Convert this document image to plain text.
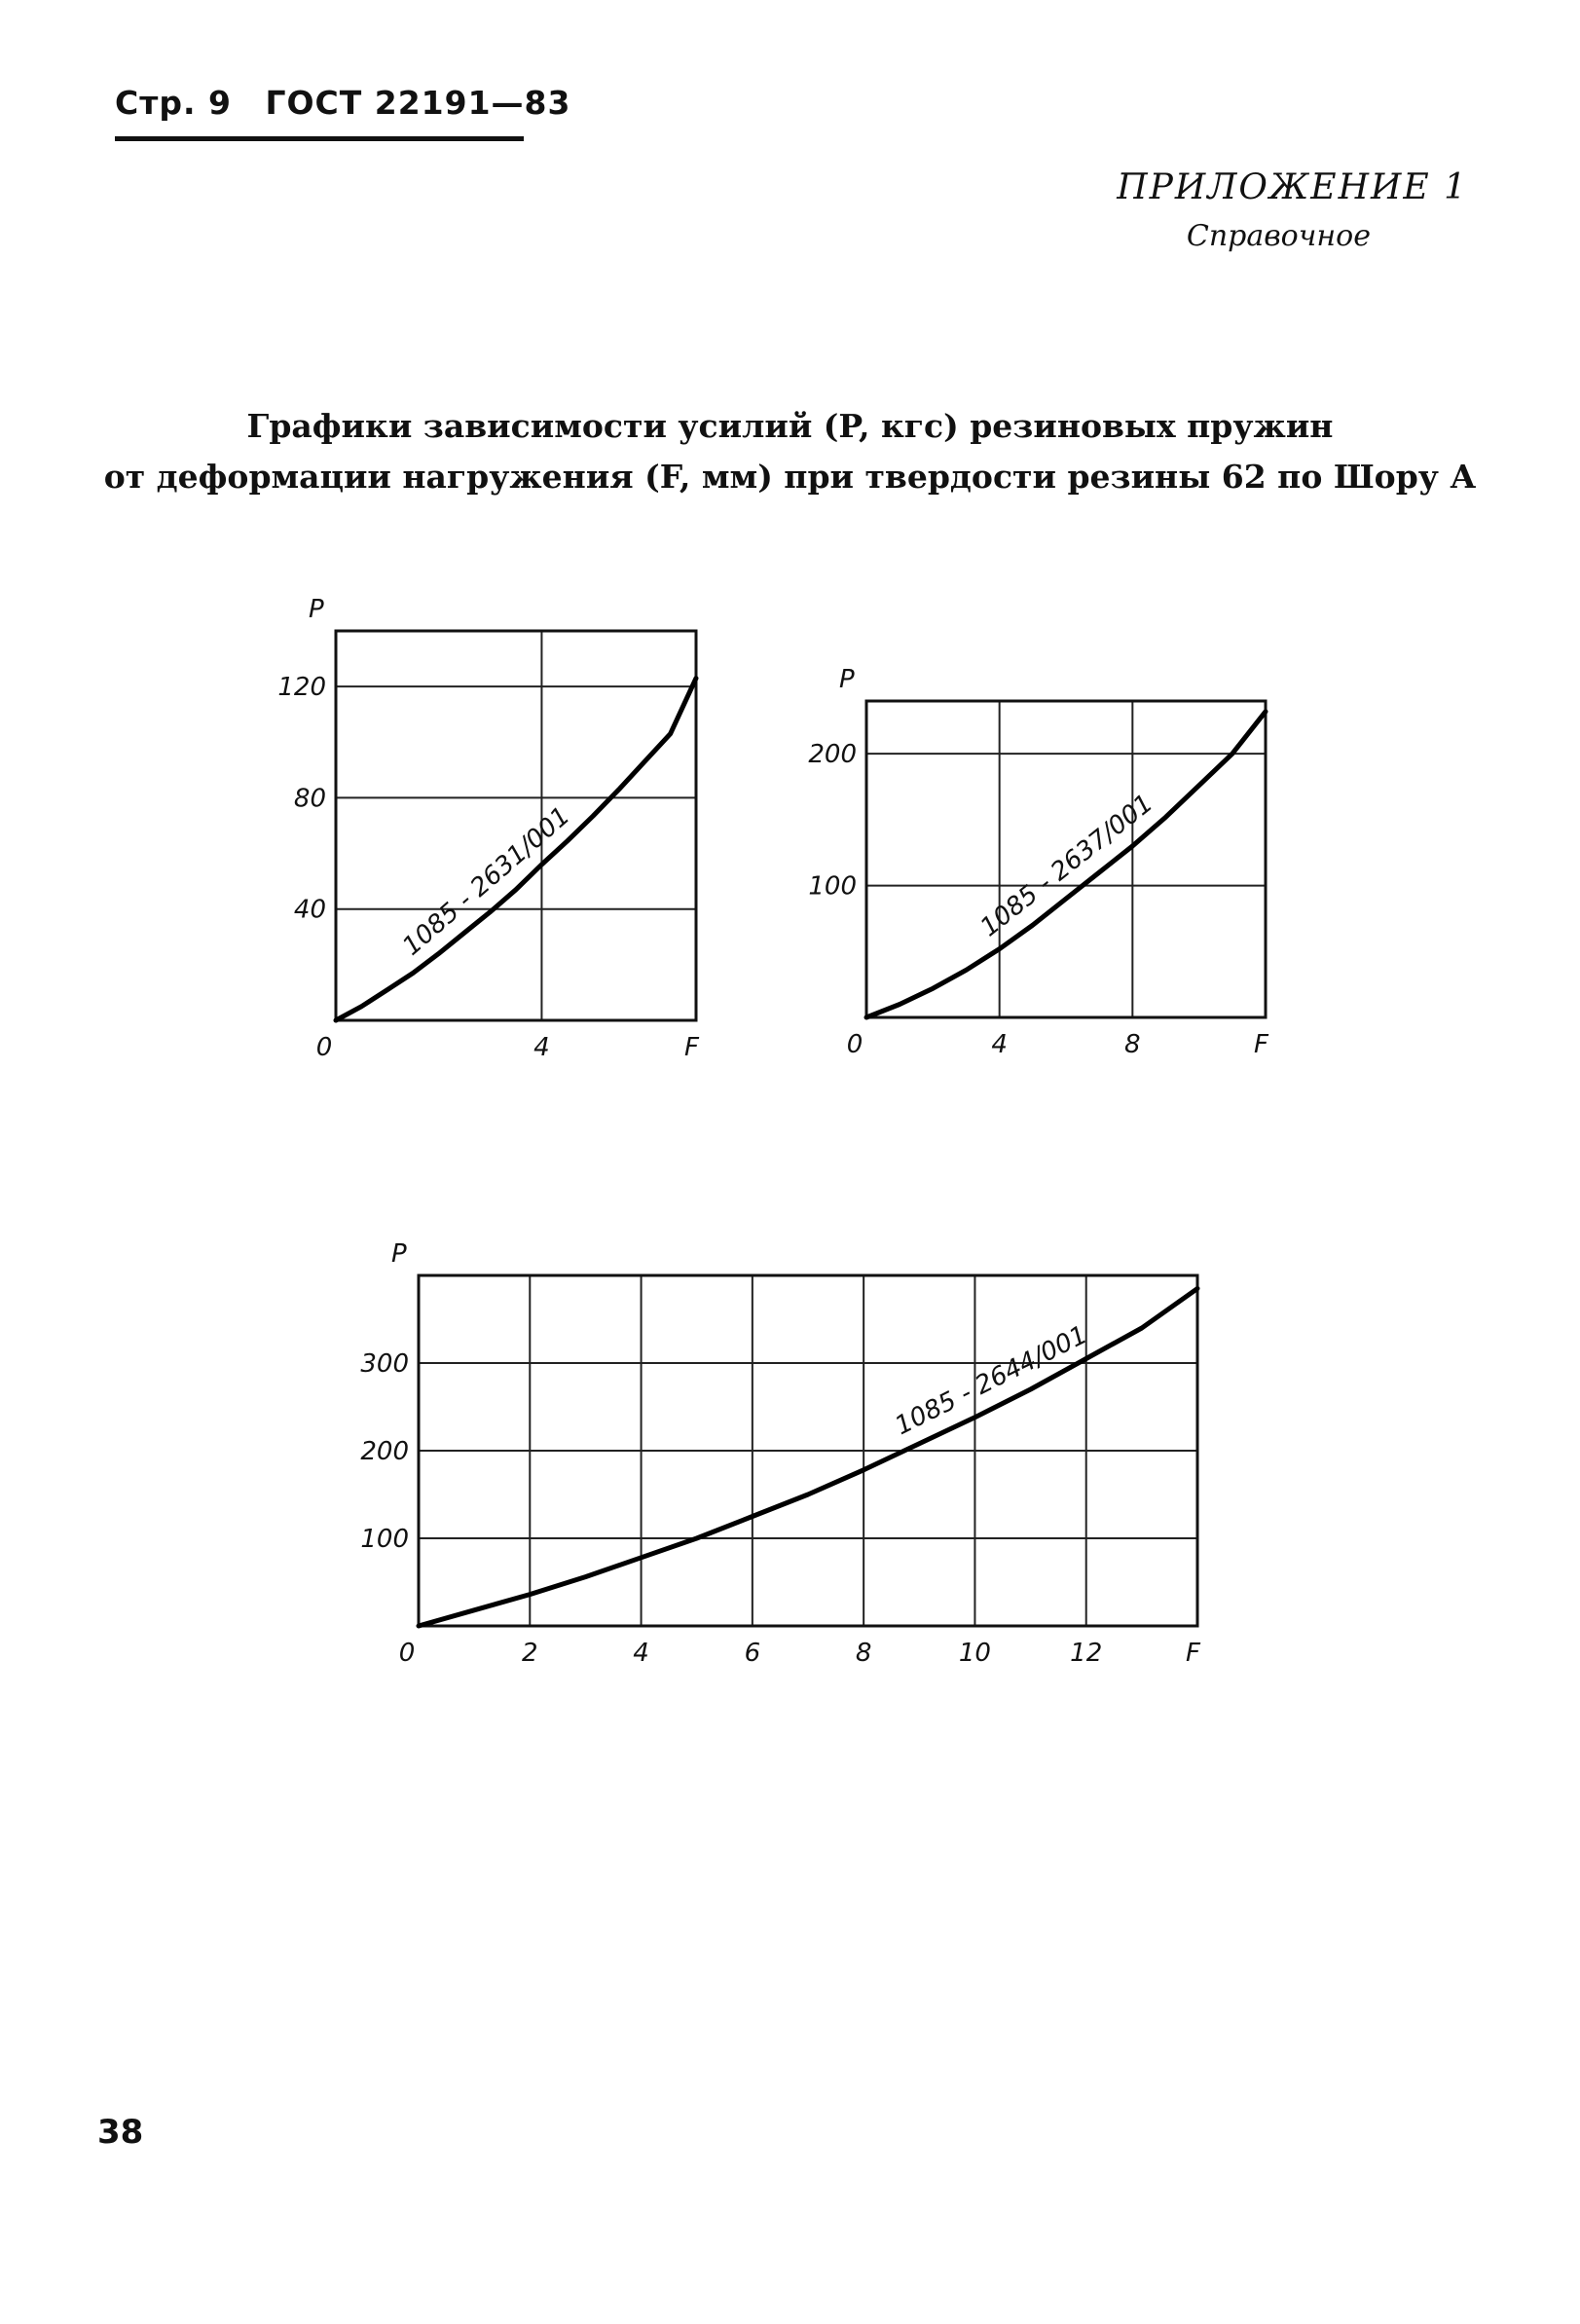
Стр. 9 ГОСТ 22191—83
ПРИЛОЖЕНИЕ 1
Справочное
Графики зависимости усилий (P, кгс) резиновых пружин
от деформации нагружения (F, мм) при твердости резины 62 по Шору А
40
80
120
0	4
P
F
1085 - 2631/001	100
200
0	4	8
P
F
1085 - 2637/001
100
200
300
0	2	4	6	8	10	12
P
F
1085 - 2644/001
38
